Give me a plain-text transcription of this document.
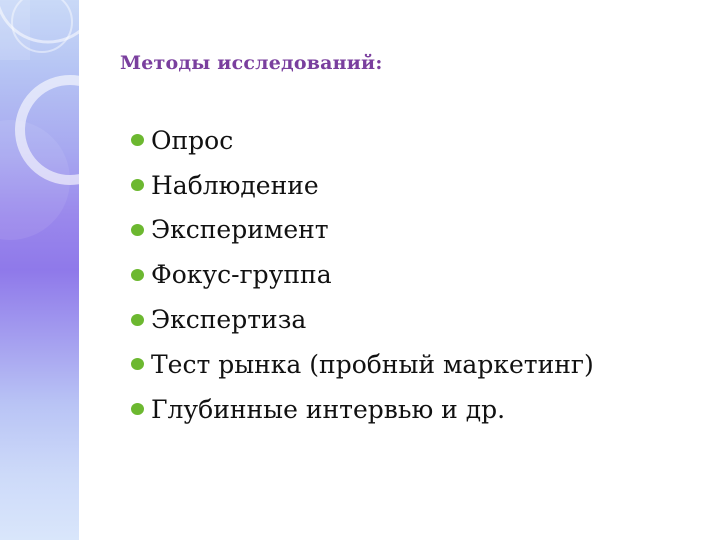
Методы исследований:
Опрос
Наблюдение
Эксперимент
Фокус-группа
Экспертиза
Тест рынка (пробный маркетинг)
Глубинные интервью и др.
